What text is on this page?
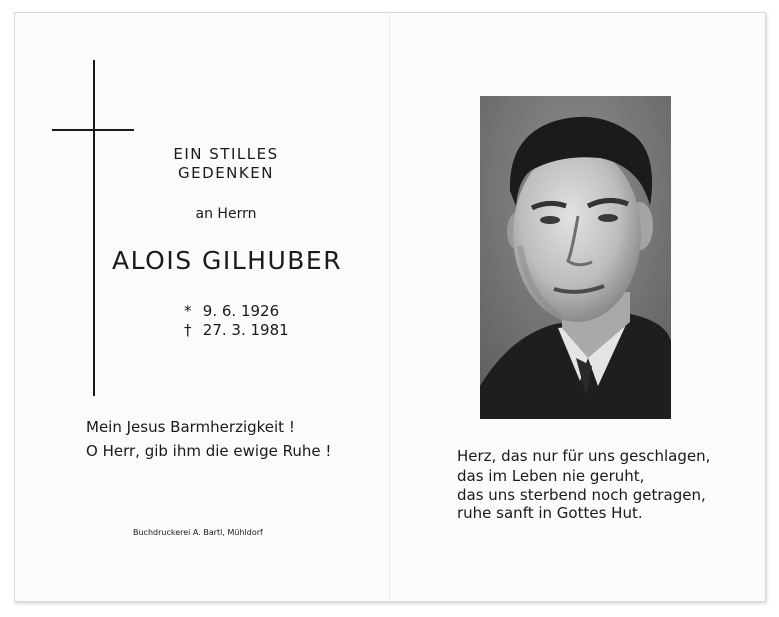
EIN STILLES
GEDENKEN
an Herrn
ALOIS GILHUBER
* 9. 6. 1926
† 27. 3. 1981
Mein Jesus Barmherzigkeit !
O Herr, gib ihm die ewige Ruhe !
Buchdruckerei A. Bartl, Mühldorf
Herz, das nur für uns geschlagen,
das im Leben nie geruht,
das uns sterbend noch getragen,
ruhe sanft in Gottes Hut.
